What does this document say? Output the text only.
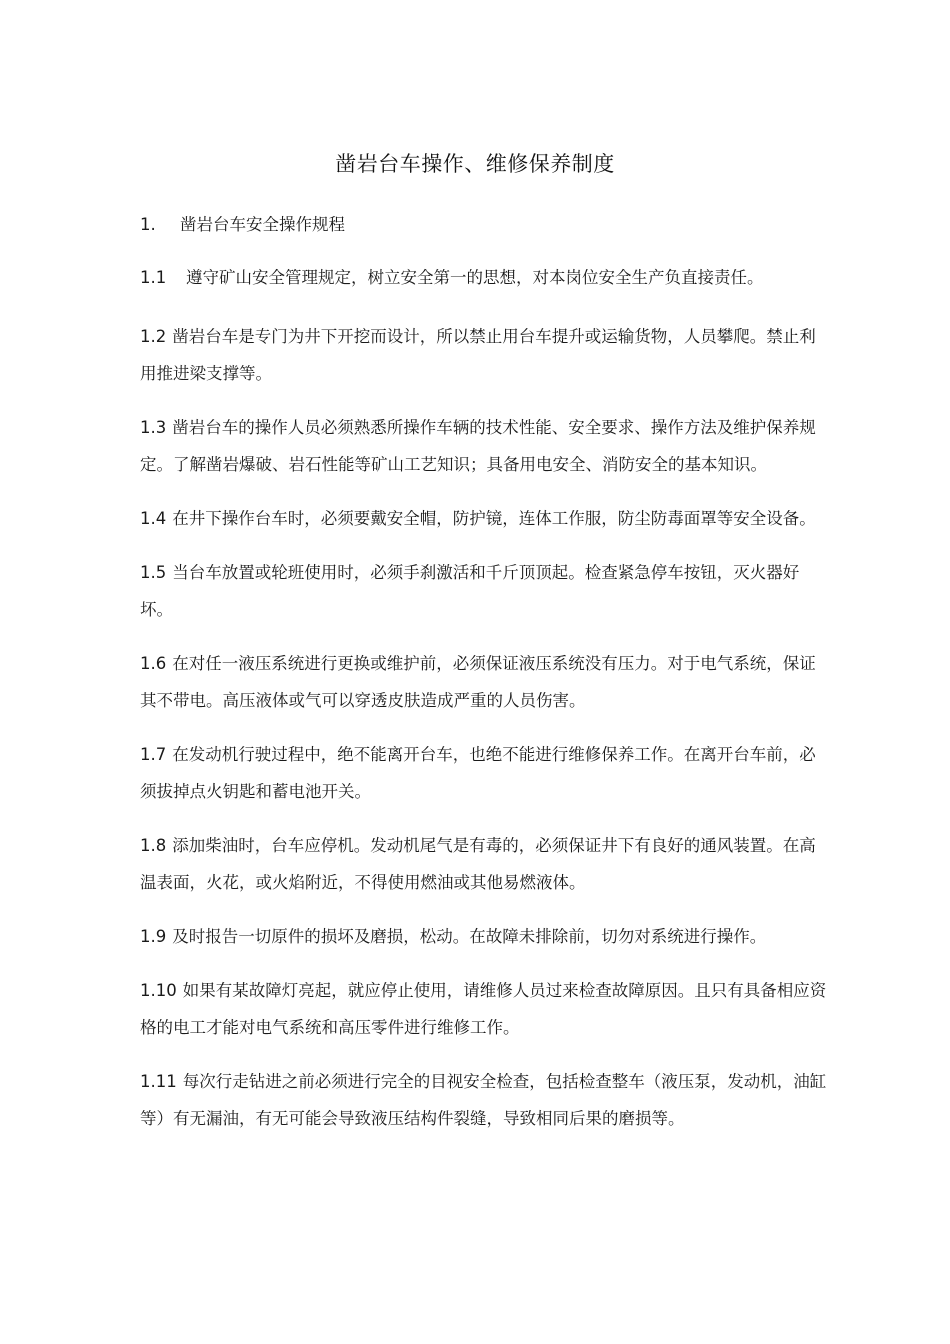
凿岩台车操作、维修保养制度
1. 凿岩台车安全操作规程
1.1 遵守矿山安全管理规定，树立安全第一的思想，对本岗位安全生产负直接责任。
1.2 凿岩台车是专门为井下开挖而设计，所以禁止用台车提升或运输货物，人员攀爬。禁止利用推进梁支撑等。
1.3 凿岩台车的操作人员必须熟悉所操作车辆的技术性能、安全要求、操作方法及维护保养规定。了解凿岩爆破、岩石性能等矿山工艺知识；具备用电安全、消防安全的基本知识。
1.4 在井下操作台车时，必须要戴安全帽，防护镜，连体工作服，防尘防毒面罩等安全设备。
1.5 当台车放置或轮班使用时，必须手刹激活和千斤顶顶起。检查紧急停车按钮，灭火器好坏。
1.6 在对任一液压系统进行更换或维护前，必须保证液压系统没有压力。对于电气系统，保证其不带电。高压液体或气可以穿透皮肤造成严重的人员伤害。
1.7 在发动机行驶过程中，绝不能离开台车，也绝不能进行维修保养工作。在离开台车前，必须拔掉点火钥匙和蓄电池开关。
1.8 添加柴油时，台车应停机。发动机尾气是有毒的，必须保证井下有良好的通风装置。在高温表面，火花，或火焰附近，不得使用燃油或其他易燃液体。
1.9 及时报告一切原件的损坏及磨损，松动。在故障未排除前，切勿对系统进行操作。
1.10 如果有某故障灯亮起，就应停止使用，请维修人员过来检查故障原因。且只有具备相应资格的电工才能对电气系统和高压零件进行维修工作。
1.11 每次行走钻进之前必须进行完全的目视安全检查，包括检查整车（液压泵，发动机，油缸等）有无漏油，有无可能会导致液压结构件裂缝，导致相同后果的磨损等。
